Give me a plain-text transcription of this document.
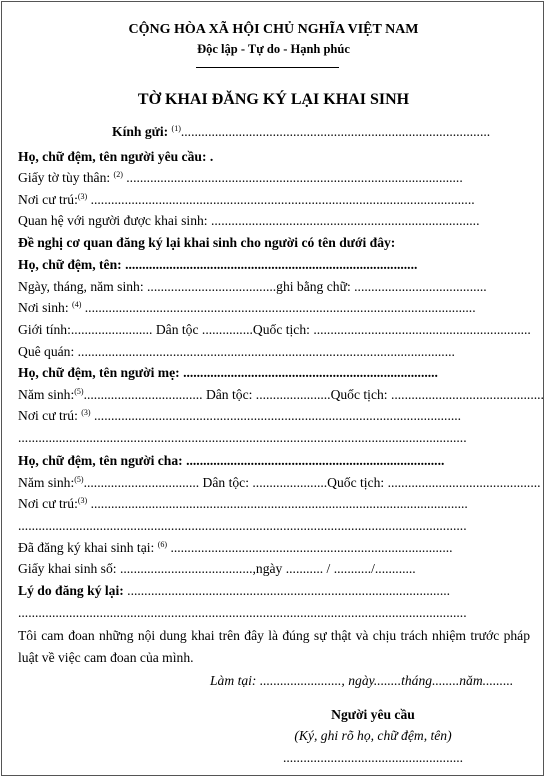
CỘNG HÒA XÃ HỘI CHỦ NGHĨA VIỆT NAM
Độc lập - Tự do - Hạnh phúc
TỜ KHAI ĐĂNG KÝ LẠI KHAI SINH
Kính gửi: $^{(1)}$...........................................................................................
Họ, chữ đệm, tên người yêu cầu: .
Giấy tờ tùy thân: $^{(2)}$ ...................................................................................................
Nơi cư trú:$^{(3)}$ .................................................................................................................
Quan hệ với người được khai sinh: ...............................................................................
Đề nghị cơ quan đăng ký lại khai sinh cho người có tên dưới đây:
Họ, chữ đệm, tên: ......................................................................................
Ngày, tháng, năm sinh: ......................................ghi bằng chữ: .......................................
Nơi sinh: $^{(4)}$ ...................................................................................................................
Giới tính:........................ Dân tộc ...............Quốc tịch: ................................................................
Quê quán: ...............................................................................................................
Họ, chữ đệm, tên người mẹ: ...........................................................................
Năm sinh:$^{(5)}$................................... Dân tộc: ......................Quốc tịch: .............................................
Nơi cư trú: $^{(3)}$ ............................................................................................................
....................................................................................................................................
Họ, chữ đệm, tên người cha: ............................................................................
Năm sinh:$^{(5)}$.................................. Dân tộc: ......................Quốc tịch: .............................................
Nơi cư trú:$^{(3)}$ ...............................................................................................................
....................................................................................................................................
Đã đăng ký khai sinh tại: $^{(6)}$ ...................................................................................
Giấy khai sinh số: .......................................,ngày ........... / .........../............
Lý do đăng ký lại: ...............................................................................................
....................................................................................................................................
Tôi cam đoan những nội dung khai trên đây là đúng sự thật và chịu trách nhiệm trước pháp luật về việc cam đoan của mình.
Làm tại: ........................, ngày........tháng........năm.........
Người yêu cầu
(Ký, ghi rõ họ, chữ đệm, tên)
.....................................................
